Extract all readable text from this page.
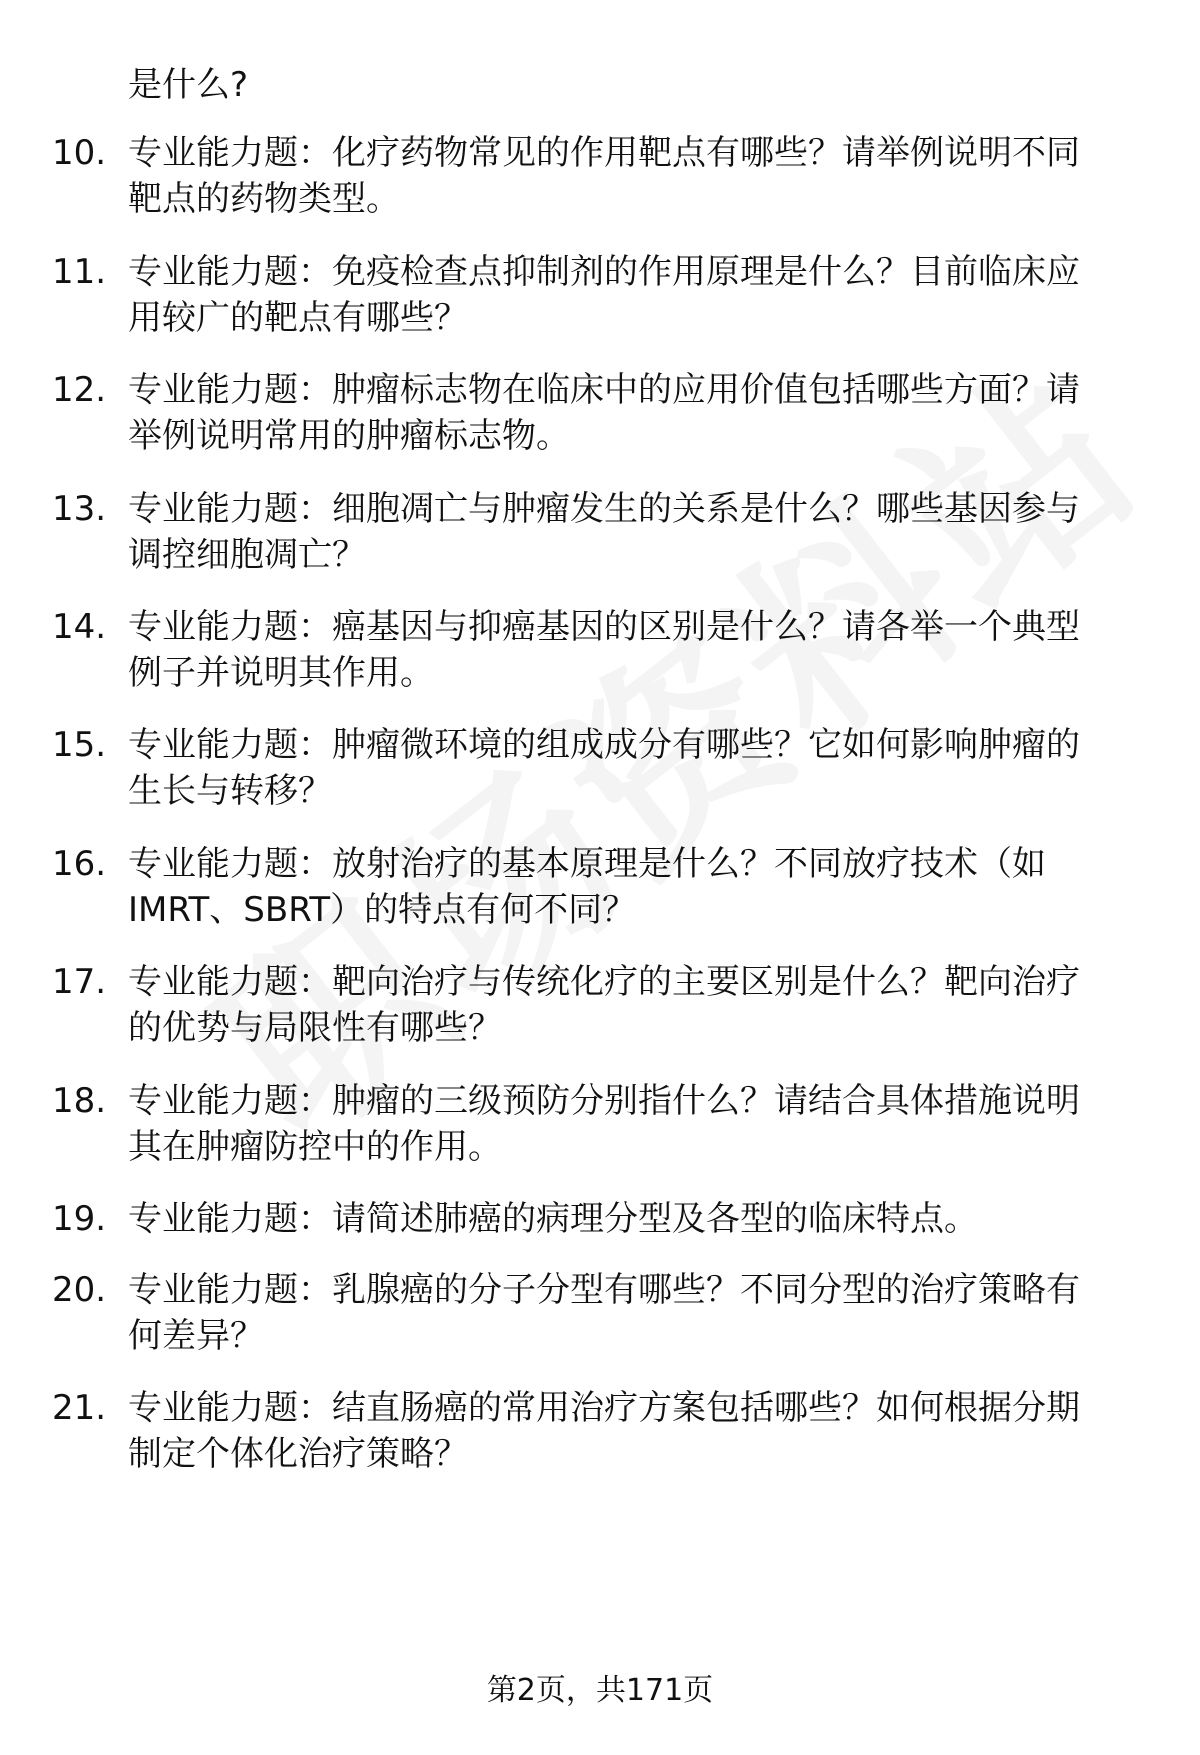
是什么?
10. 专业能力题：化疗药物常见的作用靶点有哪些？请举例说明不同
靶点的药物类型。
11. 专业能力题：免疫检查点抑制剂的作用原理是什么？目前临床应
用较广的靶点有哪些？
12. 专业能力题：肿瘤标志物在临床中的应用价值包括哪些方面？请
举例说明常用的肿瘤标志物。
13. 专业能力题：细胞凋亡与肿瘤发生的关系是什么？哪些基因参与
调控细胞凋亡？
14. 专业能力题：癌基因与抑癌基因的区别是什么？请各举一个典型
例子并说明其作用。
15. 专业能力题：肿瘤微环境的组成成分有哪些？它如何影响肿瘤的
生长与转移？
16. 专业能力题：放射治疗的基本原理是什么？不同放疗技术（如
IMRT、SBRT）的特点有何不同？
17. 专业能力题：靶向治疗与传统化疗的主要区别是什么？靶向治疗
的优势与局限性有哪些？
18. 专业能力题：肿瘤的三级预防分别指什么？请结合具体措施说明
其在肿瘤防控中的作用。
19. 专业能力题：请简述肺癌的病理分型及各型的临床特点。
20. 专业能力题：乳腺癌的分子分型有哪些？不同分型的治疗策略有
何差异？
21. 专业能力题：结直肠癌的常用治疗方案包括哪些？如何根据分期
制定个体化治疗策略？
第2页，共171页
